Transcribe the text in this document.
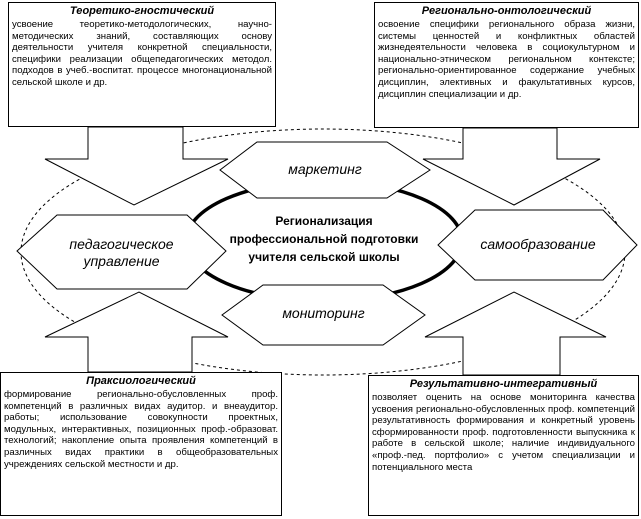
маркетинг
мониторинг
педагогическое
управление
самообразование
Регионализация
профессиональной подготовки
учителя сельской школы
Теоретико-гностический
усвоение теоретико-методологических, научно-методических знаний, составляющих основу деятельности учителя конкретной специальности, специфики реализации общепедагогических методол. подходов в учеб.-воспитат. процессе многонациональной сельской школе и др.
Регионально-онтологический
освоение специфики регионального образа жизни, системы ценностей и конфликтных областей жизнедеятельности человека в социокультурном и национально-этническом региональном контексте; регионально-ориентированное содержание учебных дисциплин, элективных и факультативных курсов, дисциплин специализации и др.
Праксиологический
формирование регионально-обусловленных проф. компетенций в различных видах аудитор. и внеаудитор. работы; использование совокупности проектных, модульных, интерактивных, позиционных проф.-образоват. технологий; накопление опыта проявления компетенций в различных видах практики в общеобразовательных учреждениях сельской местности и др.
Результативно-интегративный
позволяет оценить на основе мониторинга качества усвоения регионально-обусловленных проф. компетенций результативность формирования и конкретный уровень сформированности проф. подготовленности выпускника к работе в сельской школе; наличие индивидуального «проф.-пед. портфолио» с учетом специализации и потенциального места
